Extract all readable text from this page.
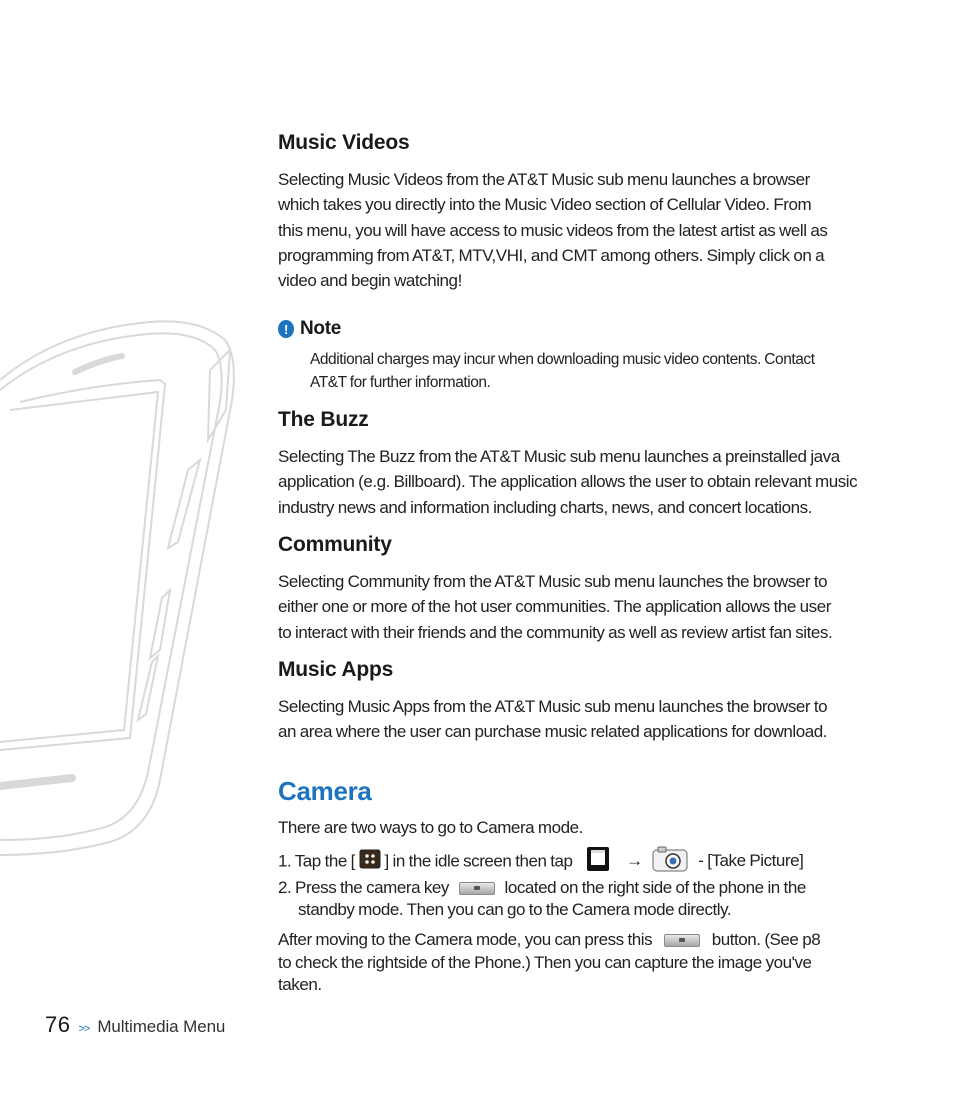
Music Videos
Selecting Music Videos from the AT&T Music sub menu launches a browser
which takes you directly into the Music Video section of Cellular Video. From
this menu, you will have access to music videos from the latest artist as well as
programming from AT&T, MTV,VHI, and CMT among others. Simply click on a
video and begin watching!
! Note
Additional charges may incur when downloading music video contents. Contact
AT&T for further information.
The Buzz
Selecting The Buzz from the AT&T Music sub menu launches a preinstalled java
application (e.g. Billboard). The application allows the user to obtain relevant music
industry news and information including charts, news, and concert locations.
Community
Selecting Community from the AT&T Music sub menu launches the browser to
either one or more of the hot user communities. The application allows the user
to interact with their friends and the community as well as review artist fan sites.
Music Apps
Selecting Music Apps from the AT&T Music sub menu launches the browser to
an area where the user can purchase music related applications for download.
Camera
There are two ways to go to Camera mode.
1. Tap the [ ] in the idle screen then tap	→	- [Take Picture]
2. Press the camera key	located on the right side of the phone in the
standby mode. Then you can go to the Camera mode directly.
After moving to the Camera mode, you can press this	button. (See p8
to check the rightside of the Phone.) Then you can capture the image you've
taken.
76 >> Multimedia Menu
